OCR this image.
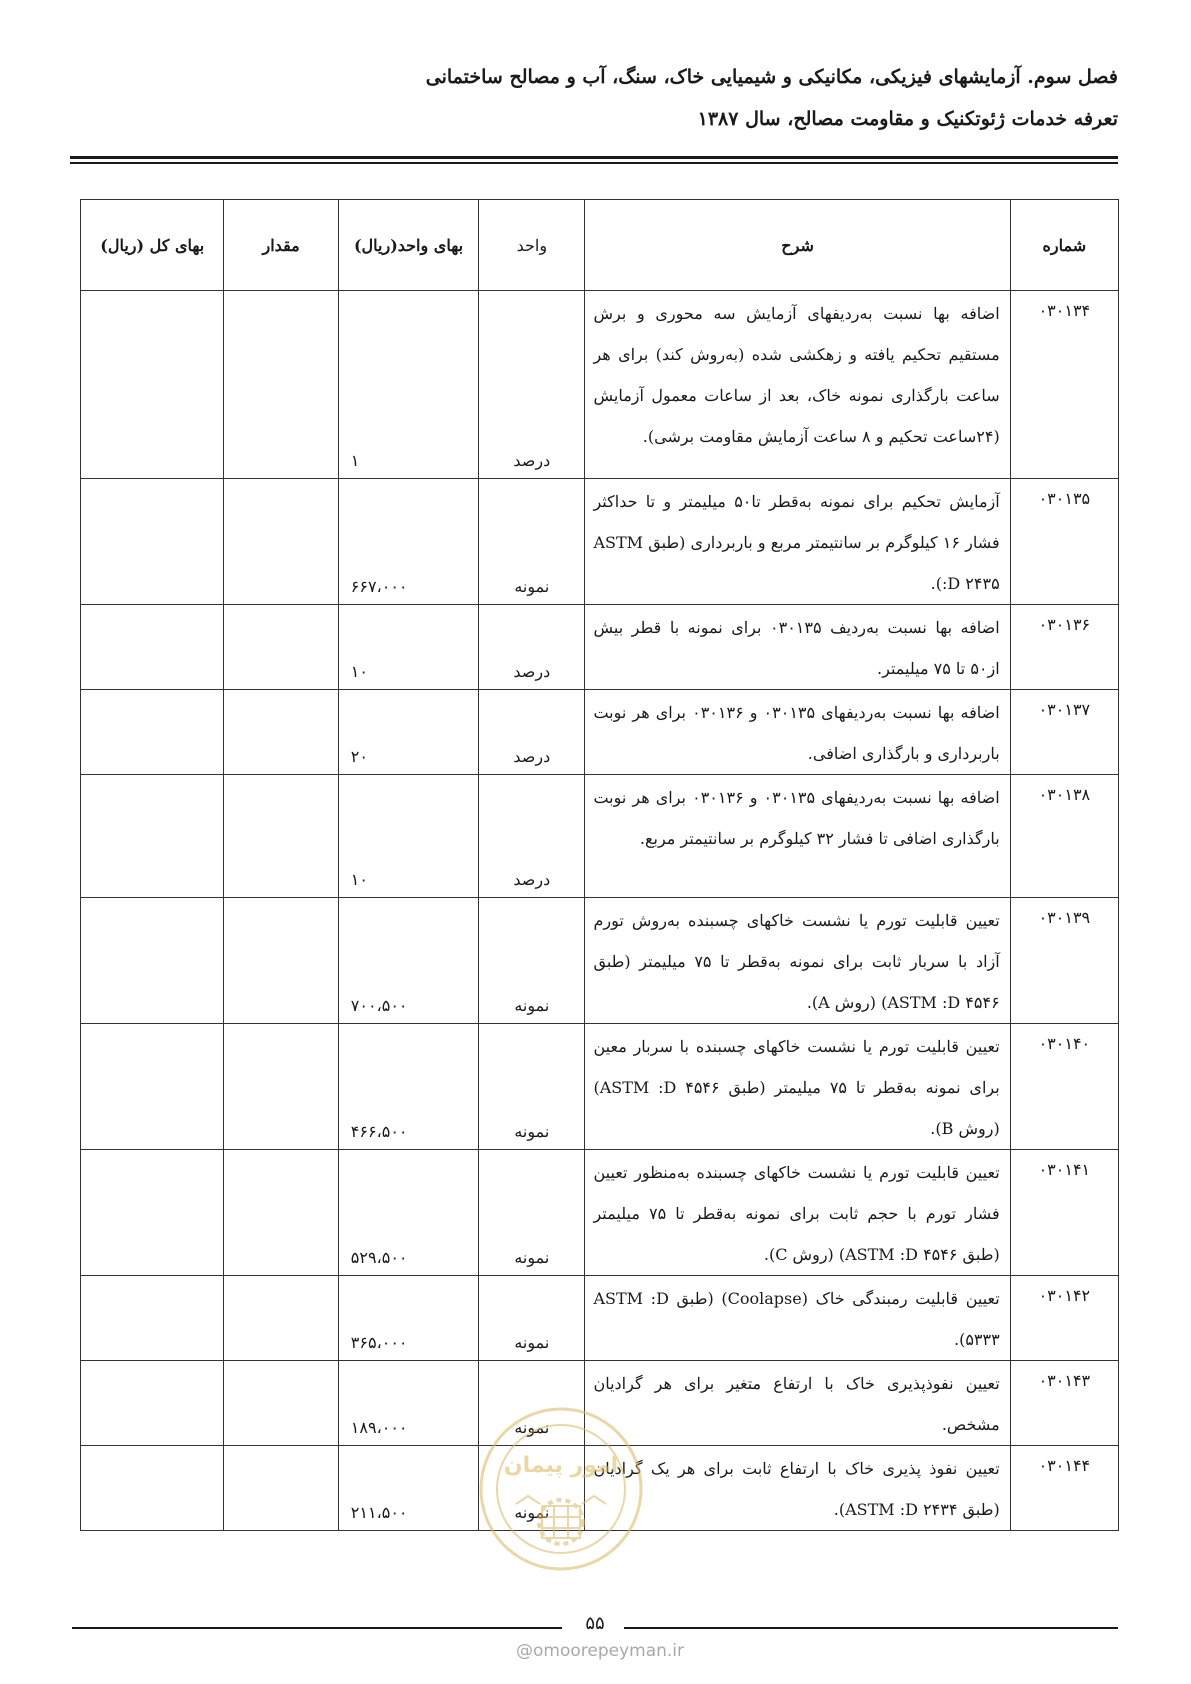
فصل سوم. آزمایشهای فیزیکی، مکانیکی و شیمیایی خاک، سنگ، آب و مصالح ساختمانی
تعرفه خدمات ژئوتکنیک و مقاومت مصالح، سال ۱۳۸۷
شماره	شرح	واحد	بهای واحد(ریال)	مقدار	بهای کل (ریال)
۰۳۰۱۳۴	اضافه بها نسبت به‌ردیفهای آزمایش سه محوری و برش مستقیم تحکیم یافته و زهکشی شده (به‌روش کند) برای هر ساعت بارگذاری نمونه خاک، بعد از ساعات معمول آزمایش (۲۴ساعت تحکیم و ۸ ساعت آزمایش مقاومت برشی).	درصد	۱		
۰۳۰۱۳۵	آزمایش تحکیم برای نمونه به‌قطر تا۵۰ میلیمتر و تا حداکثر فشار ۱۶ کیلوگرم بر سانتیمتر مربع و باربرداری (طبق ASTM :D ۲۴۳۵).	نمونه	۶۶۷،۰۰۰		
۰۳۰۱۳۶	اضافه بها نسبت به‌ردیف ۰۳۰۱۳۵ برای نمونه با قطر بیش از۵۰ تا ۷۵ میلیمتر.	درصد	۱۰		
۰۳۰۱۳۷	اضافه بها نسبت به‌ردیفهای ۰۳۰۱۳۵ و ۰۳۰۱۳۶ برای هر نوبت باربرداری و بارگذاری اضافی.	درصد	۲۰		
۰۳۰۱۳۸	اضافه بها نسبت به‌ردیفهای ۰۳۰۱۳۵ و ۰۳۰۱۳۶ برای هر نوبت بارگذاری اضافی تا فشار ۳۲ کیلوگرم بر سانتیمتر مربع.	درصد	۱۰		
۰۳۰۱۳۹	تعیین قابلیت تورم یا نشست خاکهای چسبنده به‌روش تورم آزاد با سربار ثابت برای نمونه به‌قطر تا ۷۵ میلیمتر (طبق ASTM :D ۴۵۴۶) (روش A).	نمونه	۷۰۰،۵۰۰		
۰۳۰۱۴۰	تعیین قابلیت تورم یا نشست خاکهای چسبنده با سربار معین برای نمونه به‌قطر تا ۷۵ میلیمتر (طبق ASTM :D ۴۵۴۶) (روش B).	نمونه	۴۶۶،۵۰۰		
۰۳۰۱۴۱	تعیین قابلیت تورم یا نشست خاکهای چسبنده به‌منظور تعیین فشار تورم با حجم ثابت برای نمونه به‌قطر تا ۷۵ میلیمتر (طبق ASTM :D ۴۵۴۶) (روش C).	نمونه	۵۲۹،۵۰۰		
۰۳۰۱۴۲	تعیین قابلیت رمبندگی خاک (Coolapse) (طبق ASTM :D ۵۳۳۳).	نمونه	۳۶۵،۰۰۰		
۰۳۰۱۴۳	تعیین نفوذپذیری خاک با ارتفاع متغیر برای هر گرادیان مشخص.	نمونه	۱۸۹،۰۰۰		
۰۳۰۱۴۴	تعیین نفوذ پذیری خاک با ارتفاع ثابت برای هر یک گرادیان (طبق ASTM :D ۲۴۳۴).	نمونه	۲۱۱،۵۰۰		
امور پیمان
۵۵
@omoorepeyman.ir
